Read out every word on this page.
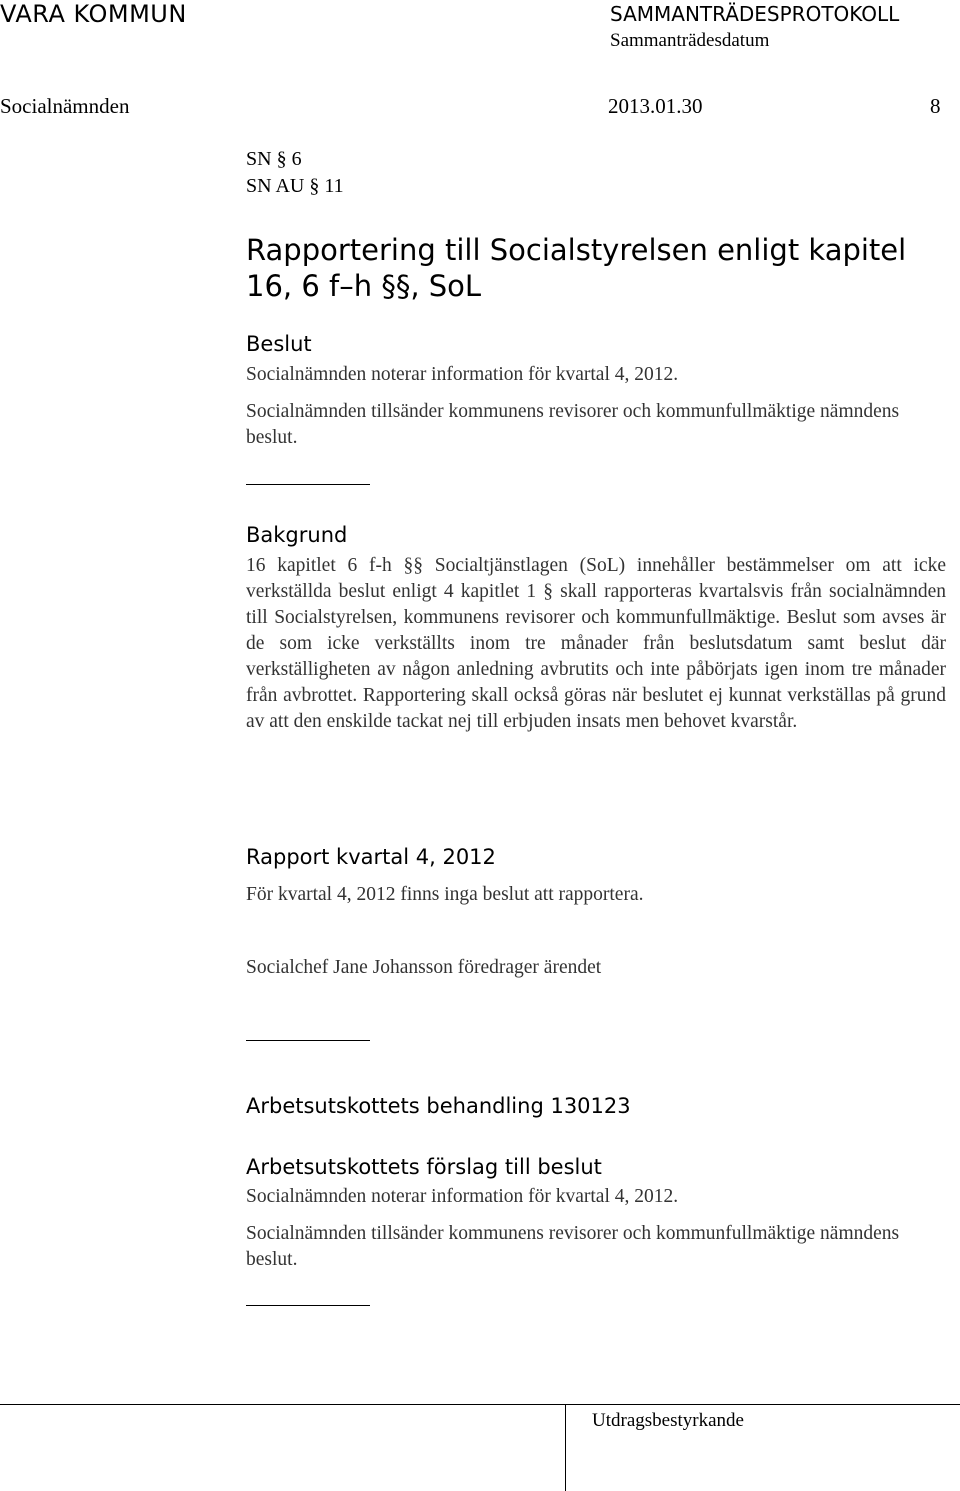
VARA KOMMUN	SAMMANTRÄDESPROTOKOLL
Sammanträdesdatum
Socialnämnden	2013.01.30	8
SN § 6
SN AU § 11
Rapportering till Socialstyrelsen enligt kapitel 16, 6 f–h §§, SoL
Beslut

Socialnämnden noterar information för kvartal 4, 2012.

Socialnämnden tillsänder kommunens revisorer och kommunfullmäktige nämndens beslut.

Bakgrund

16 kapitlet 6 f-h §§ Socialtjänstlagen (SoL) innehåller bestämmelser om att icke verkställda beslut enligt 4 kapitlet 1 § skall rapporteras kvartalsvis från socialnämnden till Socialstyrelsen, kommunens revisorer och kommunfullmäktige. Beslut som avses är de som icke verkställts inom tre månader från beslutsdatum samt beslut där verkställigheten av någon anledning avbrutits och inte påbörjats igen inom tre månader från avbrottet. Rapportering skall också göras när beslutet ej kunnat verkställas på grund av att den enskilde tackat nej till erbjuden insats men behovet kvarstår.

Rapport kvartal 4, 2012
För kvartal 4, 2012 finns inga beslut att rapportera.
Socialchef Jane Johansson föredrager ärendet
Arbetsutskottets behandling 130123
Arbetsutskottets förslag till beslut

Socialnämnden noterar information för kvartal 4, 2012.

Socialnämnden tillsänder kommunens revisorer och kommunfullmäktige nämndens beslut.

Utdragsbestyrkande
